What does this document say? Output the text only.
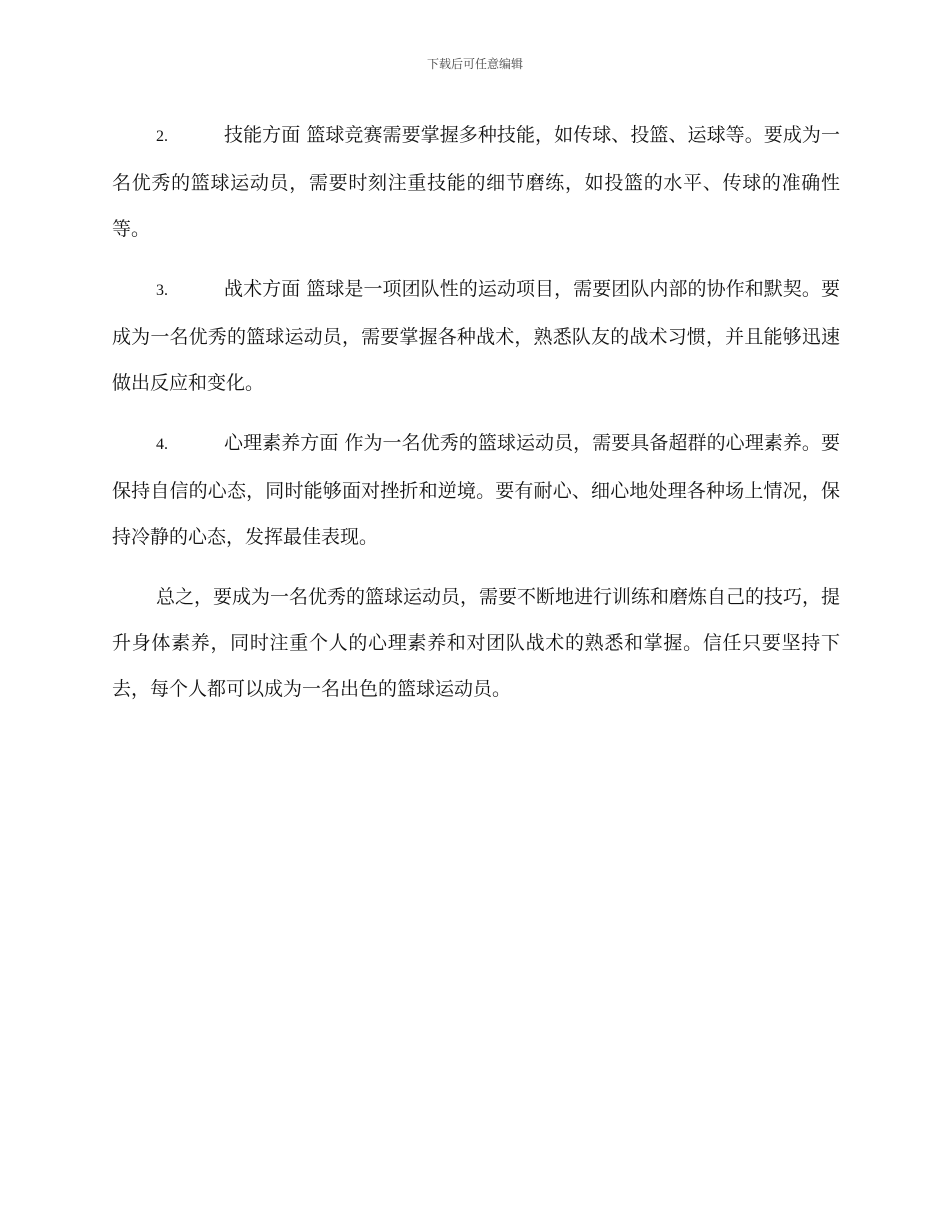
下载后可任意编辑

2.	技能方面 篮球竞赛需要掌握多种技能，如传球、投篮、运球等。要成为一名优秀的篮球运动员，需要时刻注重技能的细节磨练，如投篮的水平、传球的准确性等。

3.	战术方面 篮球是一项团队性的运动项目，需要团队内部的协作和默契。要成为一名优秀的篮球运动员，需要掌握各种战术，熟悉队友的战术习惯，并且能够迅速做出反应和变化。

4.	心理素养方面 作为一名优秀的篮球运动员，需要具备超群的心理素养。要保持自信的心态，同时能够面对挫折和逆境。要有耐心、细心地处理各种场上情况，保持冷静的心态，发挥最佳表现。

总之，要成为一名优秀的篮球运动员，需要不断地进行训练和磨炼自己的技巧，提升身体素养，同时注重个人的心理素养和对团队战术的熟悉和掌握。信任只要坚持下去，每个人都可以成为一名出色的篮球运动员。
